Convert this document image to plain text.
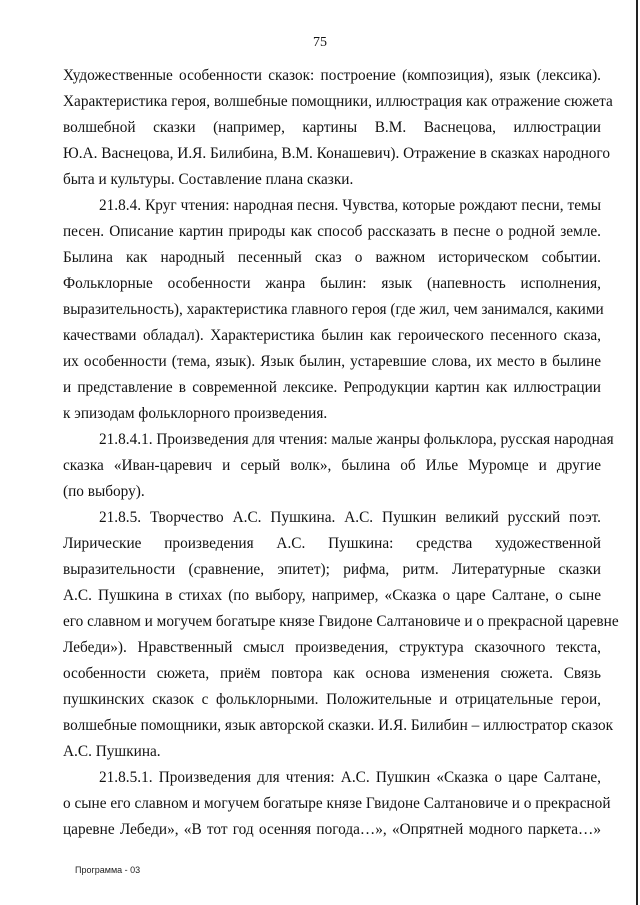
75
Художественные особенности сказок: построение (композиция), язык (лексика).
Характеристика героя, волшебные помощники, иллюстрация как отражение сюжета
волшебной сказки (например, картины В.М. Васнецова, иллюстрации
Ю.А. Васнецова, И.Я. Билибина, В.М. Конашевич). Отражение в сказках народного
быта и культуры. Составление плана сказки.
21.8.4. Круг чтения: народная песня. Чувства, которые рождают песни, темы
песен. Описание картин природы как способ рассказать в песне о родной земле.
Былина как народный песенный сказ о важном историческом событии.
Фольклорные особенности жанра былин: язык (напевность исполнения,
выразительность), характеристика главного героя (где жил, чем занимался, какими
качествами обладал). Характеристика былин как героического песенного сказа,
их особенности (тема, язык). Язык былин, устаревшие слова, их место в былине
и представление в современной лексике. Репродукции картин как иллюстрации
к эпизодам фольклорного произведения.
21.8.4.1. Произведения для чтения: малые жанры фольклора, русская народная
сказка «Иван-царевич и серый волк», былина об Илье Муромце и другие
(по выбору).
21.8.5. Творчество А.С. Пушкина. А.С. Пушкин великий русский поэт.
Лирические произведения А.С. Пушкина: средства художественной
выразительности (сравнение, эпитет); рифма, ритм. Литературные сказки
А.С. Пушкина в стихах (по выбору, например, «Сказка о царе Салтане, о сыне
его славном и могучем богатыре князе Гвидоне Салтановиче и о прекрасной царевне
Лебеди»). Нравственный смысл произведения, структура сказочного текста,
особенности сюжета, приём повтора как основа изменения сюжета. Связь
пушкинских сказок с фольклорными. Положительные и отрицательные герои,
волшебные помощники, язык авторской сказки. И.Я. Билибин – иллюстратор сказок
А.С. Пушкина.
21.8.5.1. Произведения для чтения: А.С. Пушкин «Сказка о царе Салтане,
о сыне его славном и могучем богатыре князе Гвидоне Салтановиче и о прекрасной
царевне Лебеди», «В тот год осенняя погода…», «Опрятней модного паркета…»
Программа - 03
